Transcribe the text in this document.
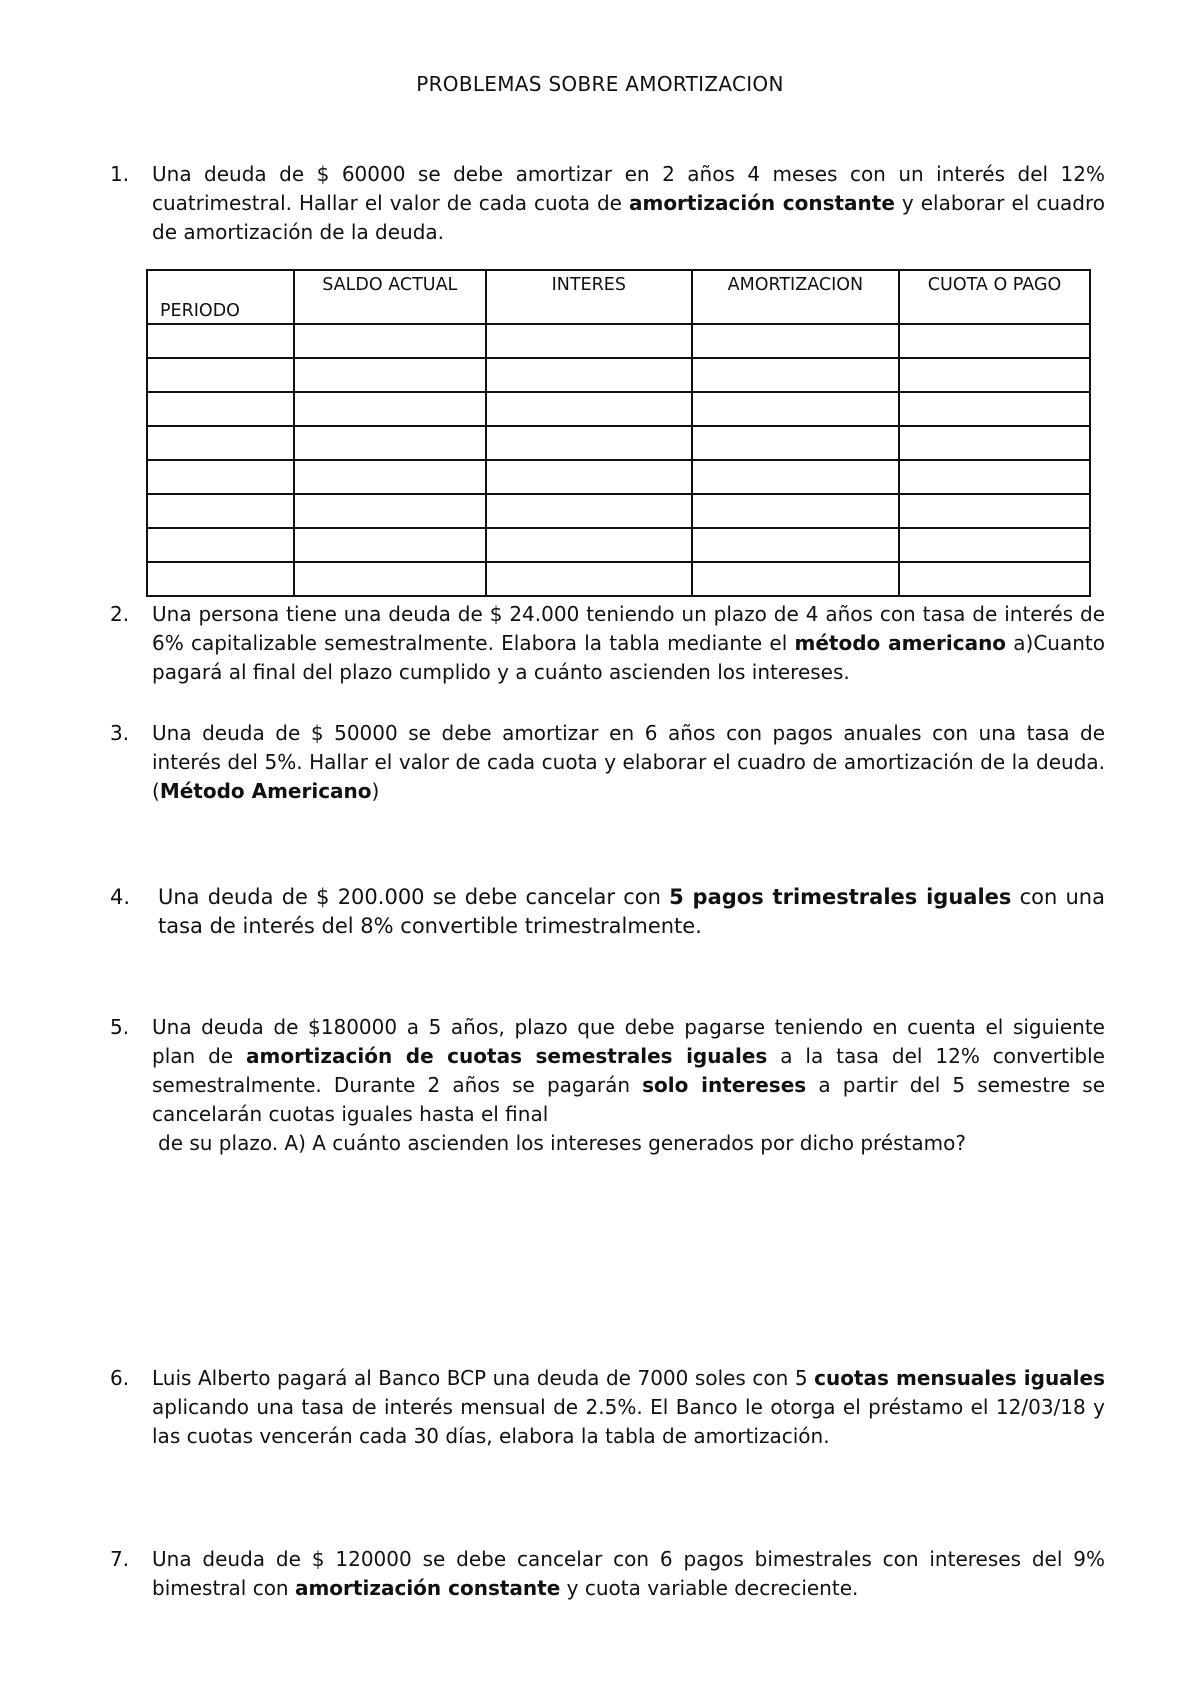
PROBLEMAS SOBRE AMORTIZACION
1. Una deuda de $ 60000 se debe amortizar en 2 años 4 meses con un interés del 12% cuatrimestral. Hallar el valor de cada cuota de amortización constante y elaborar el cuadro de amortización de la deuda.
PERIODO	SALDO ACTUAL	INTERES	AMORTIZACION	CUOTA O PAGO

2. Una persona tiene una deuda de $ 24.000 teniendo un plazo de 4 años con tasa de interés de 6% capitalizable semestralmente. Elabora la tabla mediante el método americano a)Cuanto pagará al final del plazo cumplido y a cuánto ascienden los intereses.
3. Una deuda de $ 50000 se debe amortizar en 6 años con pagos anuales con una tasa de interés del 5%. Hallar el valor de cada cuota y elaborar el cuadro de amortización de la deuda. (Método Americano)
4. Una deuda de $ 200.000 se debe cancelar con 5 pagos trimestrales iguales con una tasa de interés del 8% convertible trimestralmente.
5. Una deuda de $180000 a 5 años, plazo que debe pagarse teniendo en cuenta el siguiente plan de amortización de cuotas semestrales iguales a la tasa del 12% convertible semestralmente. Durante 2 años se pagarán solo intereses a partir del 5 semestre se cancelarán cuotas iguales hasta el final
de su plazo. A) A cuánto ascienden los intereses generados por dicho préstamo?
6. Luis Alberto pagará al Banco BCP una deuda de 7000 soles con 5 cuotas mensuales iguales aplicando una tasa de interés mensual de 2.5%. El Banco le otorga el préstamo el 12/03/18 y las cuotas vencerán cada 30 días, elabora la tabla de amortización.
7. Una deuda de $ 120000 se debe cancelar con 6 pagos bimestrales con intereses del 9% bimestral con amortización constante y cuota variable decreciente.
